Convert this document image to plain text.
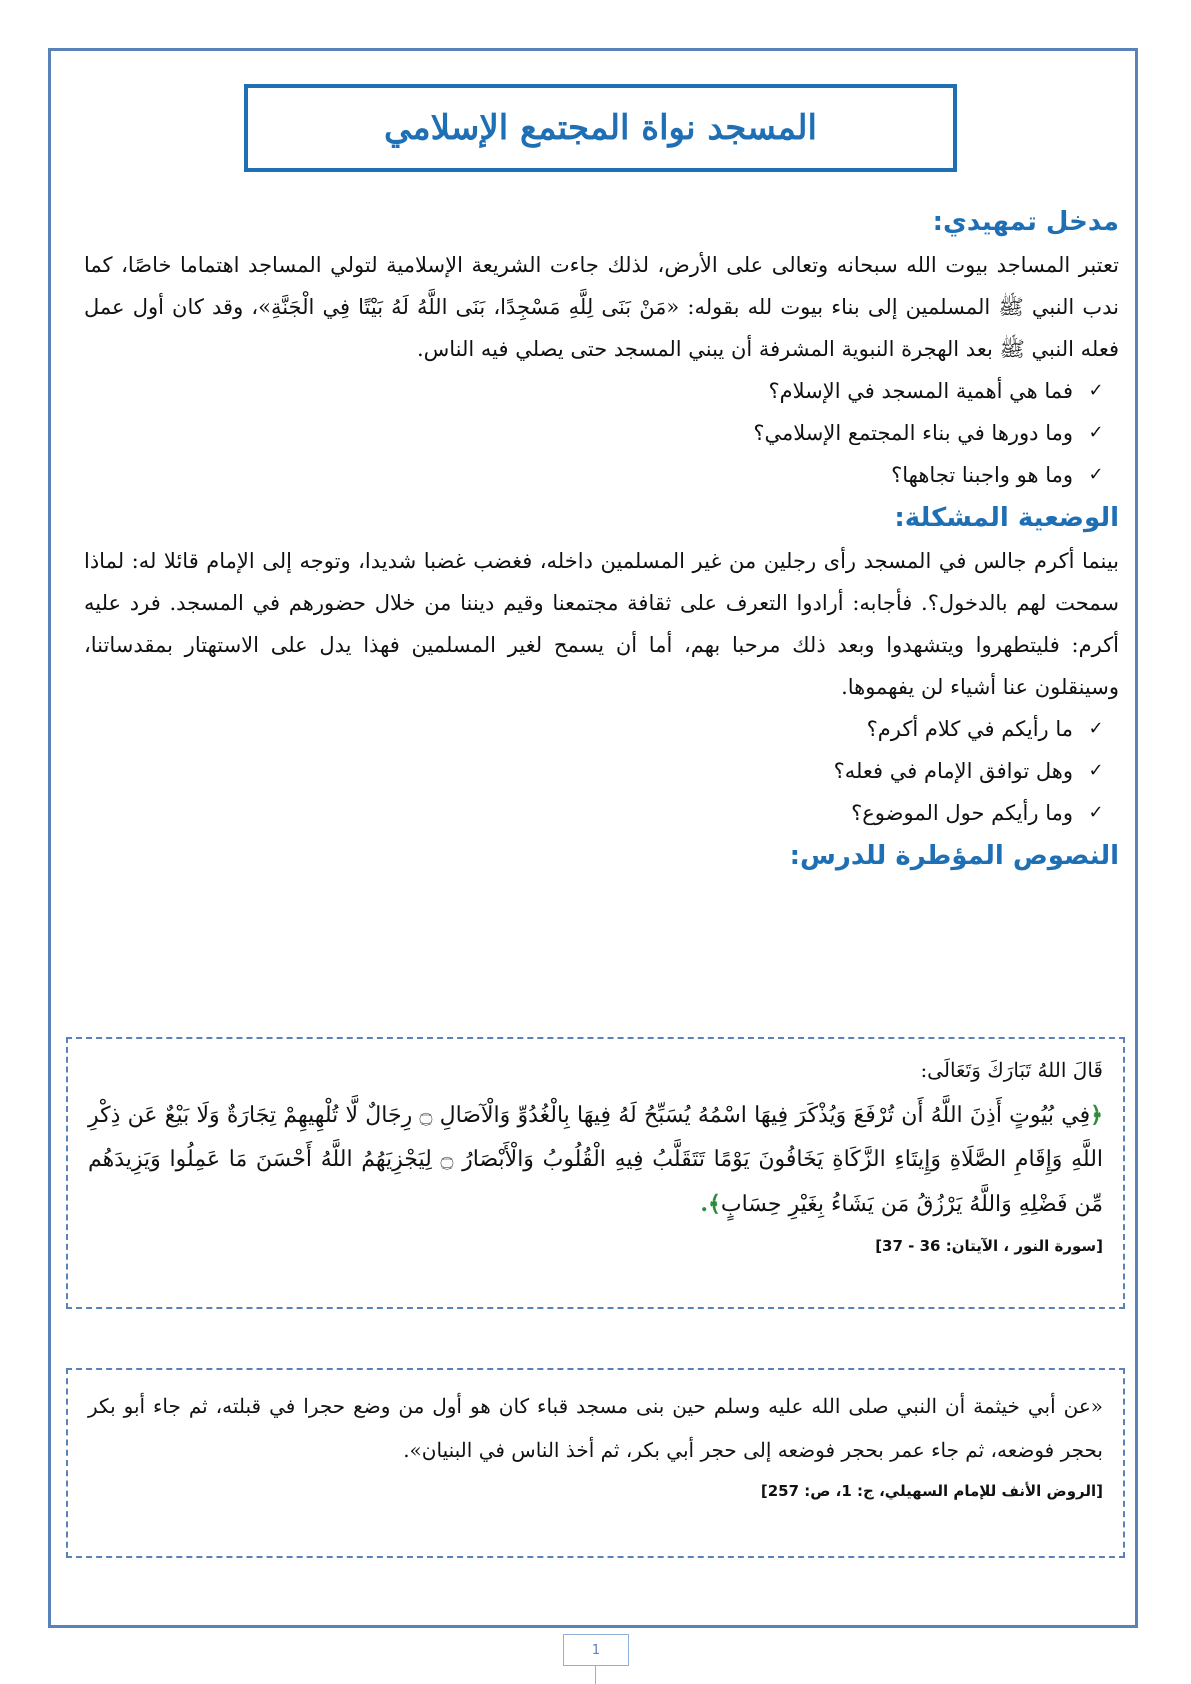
المسجد نواة المجتمع الإسلامي
مدخل تمهيدي:

تعتبر المساجد بيوت الله سبحانه وتعالى على الأرض، لذلك جاءت الشريعة الإسلامية لتولي المساجد اهتماما خاصًا، كما ندب النبي ﷺ المسلمين إلى بناء بيوت لله بقوله: «مَنْ بَنَى لِلَّهِ مَسْجِدًا، بَنَى اللَّهُ لَهُ بَيْتًا فِي الْجَنَّةِ»، وقد كان أول عمل فعله النبي ﷺ بعد الهجرة النبوية المشرفة أن يبني المسجد حتى يصلي فيه الناس.

✓
فما هي أهمية المسجد في الإسلام؟
✓
وما دورها في بناء المجتمع الإسلامي؟
✓
وما هو واجبنا تجاهها؟
الوضعية المشكلة:

بينما أكرم جالس في المسجد رأى رجلين من غير المسلمين داخله، فغضب غضبا شديدا، وتوجه إلى الإمام قائلا له: لماذا سمحت لهم بالدخول؟. فأجابه: أرادوا التعرف على ثقافة مجتمعنا وقيم ديننا من خلال حضورهم في المسجد. فرد عليه أكرم: فليتطهروا ويتشهدوا وبعد ذلك مرحبا بهم، أما أن يسمح لغير المسلمين فهذا يدل على الاستهتار بمقدساتنا، وسينقلون عنا أشياء لن يفهموها.

✓
ما رأيكم في كلام أكرم؟
✓
وهل توافق الإمام في فعله؟
✓
وما رأيكم حول الموضوع؟
النصوص المؤطرة للدرس:

قَالَ اللهُ تَبَارَكَ وَتَعَالَى:

﴿فِي بُيُوتٍ أَذِنَ اللَّهُ أَن تُرْفَعَ وَيُذْكَرَ فِيهَا اسْمُهُ يُسَبِّحُ لَهُ فِيهَا بِالْغُدُوِّ وَالْآصَالِ ۝ رِجَالٌ لَّا تُلْهِيهِمْ تِجَارَةٌ وَلَا بَيْعٌ عَن ذِكْرِ اللَّهِ وَإِقَامِ الصَّلَاةِ وَإِيتَاءِ الزَّكَاةِ يَخَافُونَ يَوْمًا تَتَقَلَّبُ فِيهِ الْقُلُوبُ وَالْأَبْصَارُ ۝ لِيَجْزِيَهُمُ اللَّهُ أَحْسَنَ مَا عَمِلُوا وَيَزِيدَهُم مِّن فَضْلِهِ وَاللَّهُ يَرْزُقُ مَن يَشَاءُ بِغَيْرِ حِسَابٍ﴾.

[سورة النور ، الآيتان: 36 - 37]

«عن أبي خيثمة أن النبي صلى الله عليه وسلم حين بنى مسجد قباء كان هو أول من وضع حجرا في قبلته، ثم جاء أبو بكر بحجر فوضعه، ثم جاء عمر بحجر فوضعه إلى حجر أبي بكر، ثم أخذ الناس في البنيان».

[الروض الأنف للإمام السهيلي، ج: 1، ص: 257]

1
